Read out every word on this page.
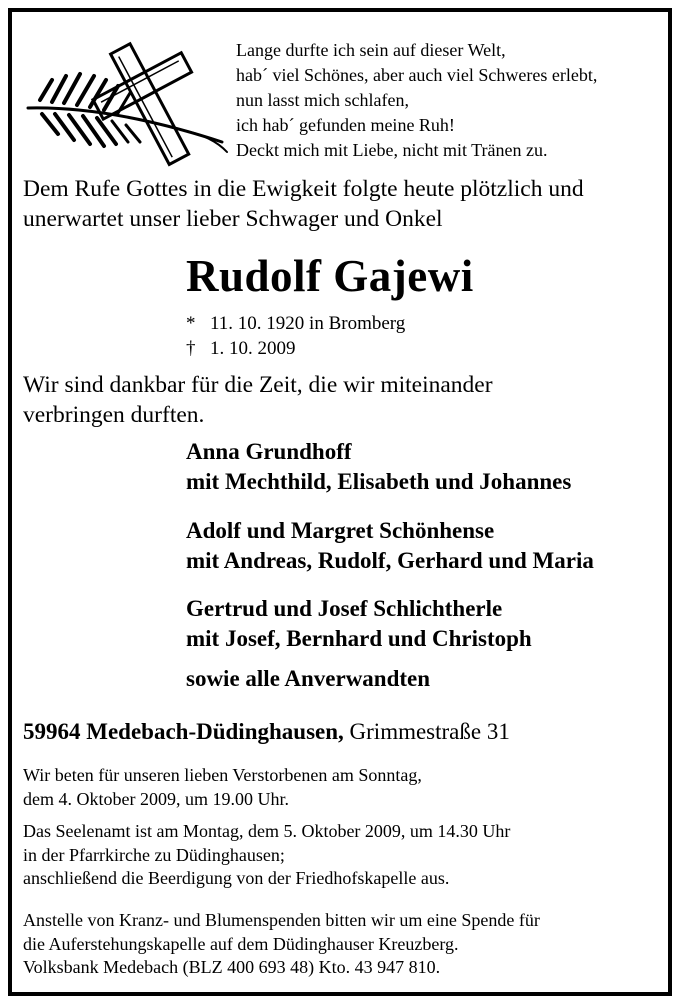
Lange durfte ich sein auf dieser Welt,
hab´ viel Schönes, aber auch viel Schweres erlebt,
nun lasst mich schlafen,
ich hab´ gefunden meine Ruh!
Deckt mich mit Liebe, nicht mit Tränen zu.
Dem Rufe Gottes in die Ewigkeit folgte heute plötzlich und
unerwartet unser lieber Schwager und Onkel
Rudolf Gajewi
* 11. 10. 1920 in Bromberg
† 1. 10. 2009
Wir sind dankbar für die Zeit, die wir miteinander
verbringen durften.
Anna Grundhoff
mit Mechthild, Elisabeth und Johannes
Adolf und Margret Schönhense
mit Andreas, Rudolf, Gerhard und Maria
Gertrud und Josef Schlichtherle
mit Josef, Bernhard und Christoph
sowie alle Anverwandten
59964 Medebach-Düdinghausen, Grimmestraße 31
Wir beten für unseren lieben Verstorbenen am Sonntag,
dem 4. Oktober 2009, um 19.00 Uhr.
Das Seelenamt ist am Montag, dem 5. Oktober 2009, um 14.30 Uhr
in der Pfarrkirche zu Düdinghausen;
anschließend die Beerdigung von der Friedhofskapelle aus.
Anstelle von Kranz- und Blumenspenden bitten wir um eine Spende für
die Auferstehungskapelle auf dem Düdinghauser Kreuzberg.
Volksbank Medebach (BLZ 400 693 48) Kto. 43 947 810.
